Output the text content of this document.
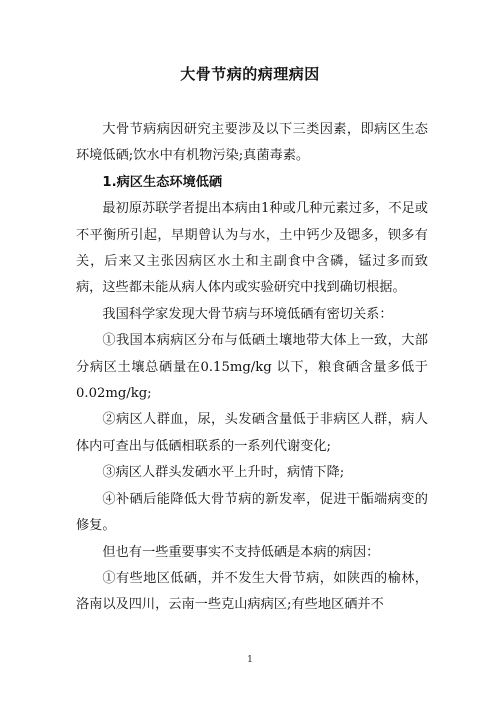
大骨节病的病理病因

大骨节病病因研究主要涉及以下三类因素，即病区生态环境低硒;饮水中有机物污染;真菌毒素。

1.病区生态环境低硒

最初原苏联学者提出本病由1种或几种元素过多，不足或不平衡所引起，早期曾认为与水，土中钙少及锶多，钡多有关，后来又主张因病区水土和主副食中含磷，锰过多而致病，这些都未能从病人体内或实验研究中找到确切根据。

我国科学家发现大骨节病与环境低硒有密切关系：

①我国本病病区分布与低硒土壤地带大体上一致，大部分病区土壤总硒量在0.15mg/kg 以下，粮食硒含量多低于0.02mg/kg;

②病区人群血，尿，头发硒含量低于非病区人群，病人体内可查出与低硒相联系的一系列代谢变化;

③病区人群头发硒水平上升时，病情下降;

④补硒后能降低大骨节病的新发率，促进干骺端病变的修复。

但也有一些重要事实不支持低硒是本病的病因：

①有些地区低硒，并不发生大骨节病，如陕西的榆林，洛南以及四川，云南一些克山病病区;有些地区硒并不

1
